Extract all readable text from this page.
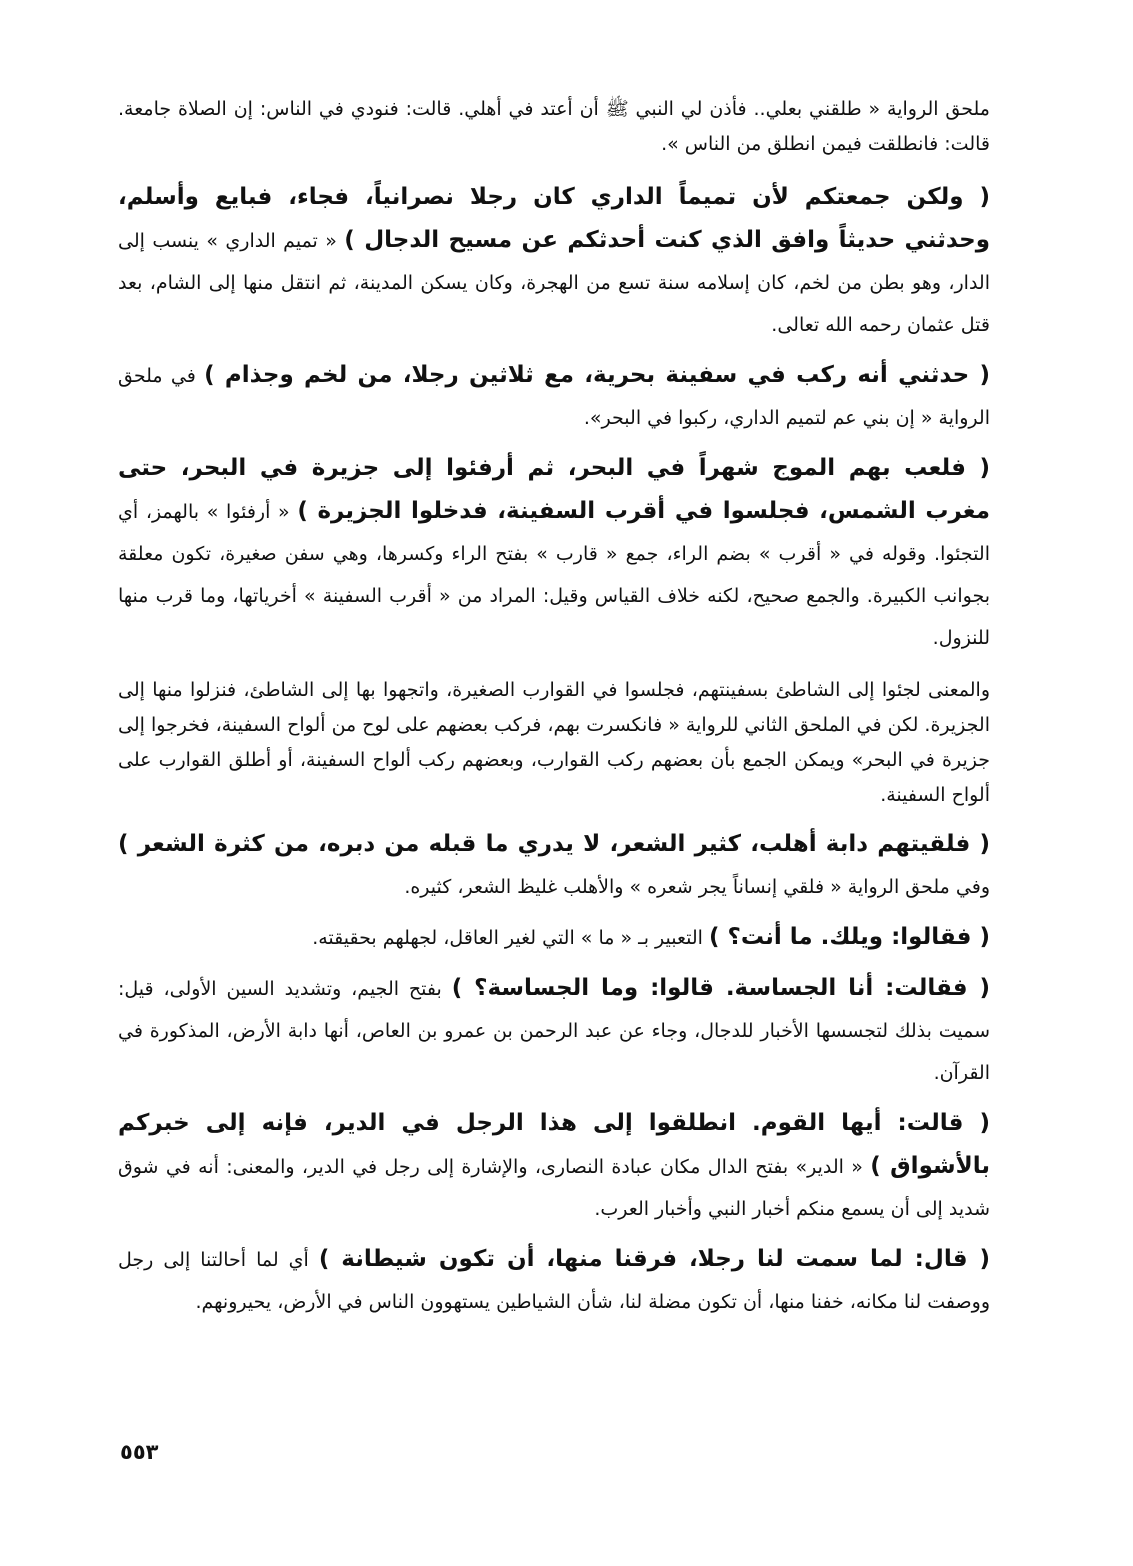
ملحق الرواية « طلقني بعلي.. فأذن لي النبي ﷺ أن أعتد في أهلي. قالت: فنودي في الناس: إن الصلاة جامعة. قالت: فانطلقت فيمن انطلق من الناس ».

( ولكن جمعتكم لأن تميماً الداري كان رجلا نصرانياً، فجاء، فبايع وأسلم، وحدثني حديثاً وافق الذي كنت أحدثكم عن مسيح الدجال ) « تميم الداري » ينسب إلى الدار، وهو بطن من لخم، كان إسلامه سنة تسع من الهجرة، وكان يسكن المدينة، ثم انتقل منها إلى الشام، بعد قتل عثمان رحمه الله تعالى.

( حدثني أنه ركب في سفينة بحرية، مع ثلاثين رجلا، من لخم وجذام ) في ملحق الرواية « إن بني عم لتميم الداري، ركبوا في البحر».

( فلعب بهم الموج شهراً في البحر، ثم أرفئوا إلى جزيرة في البحر، حتى مغرب الشمس، فجلسوا في أقرب السفينة، فدخلوا الجزيرة ) « أرفئوا » بالهمز، أي التجئوا. وقوله في « أقرب » بضم الراء، جمع « قارب » بفتح الراء وكسرها، وهي سفن صغيرة، تكون معلقة بجوانب الكبيرة. والجمع صحيح، لكنه خلاف القياس وقيل: المراد من « أقرب السفينة » أخرياتها، وما قرب منها للنزول.

والمعنى لجئوا إلى الشاطئ بسفينتهم، فجلسوا في القوارب الصغيرة، واتجهوا بها إلى الشاطئ، فنزلوا منها إلى الجزيرة. لكن في الملحق الثاني للرواية « فانكسرت بهم، فركب بعضهم على لوح من ألواح السفينة، فخرجوا إلى جزيرة في البحر» ويمكن الجمع بأن بعضهم ركب القوارب، وبعضهم ركب ألواح السفينة، أو أطلق القوارب على ألواح السفينة.

( فلقيتهم دابة أهلب، كثير الشعر، لا يدري ما قبله من دبره، من كثرة الشعر ) وفي ملحق الرواية « فلقي إنساناً يجر شعره » والأهلب غليظ الشعر، كثيره.

( فقالوا: ويلك. ما أنت؟ ) التعبير بـ « ما » التي لغير العاقل، لجهلهم بحقيقته.

( فقالت: أنا الجساسة. قالوا: وما الجساسة؟ ) بفتح الجيم، وتشديد السين الأولى، قيل: سميت بذلك لتجسسها الأخبار للدجال، وجاء عن عبد الرحمن بن عمرو بن العاص، أنها دابة الأرض، المذكورة في القرآن.

( قالت: أيها القوم. انطلقوا إلى هذا الرجل في الدير، فإنه إلى خبركم بالأشواق ) « الدير» بفتح الدال مكان عبادة النصارى، والإشارة إلى رجل في الدير، والمعنى: أنه في شوق شديد إلى أن يسمع منكم أخبار النبي وأخبار العرب.

( قال: لما سمت لنا رجلا، فرقنا منها، أن تكون شيطانة ) أي لما أحالتنا إلى رجل ووصفت لنا مكانه، خفنا منها، أن تكون مضلة لنا، شأن الشياطين يستهوون الناس في الأرض، يحيرونهم.

٥٥٣
